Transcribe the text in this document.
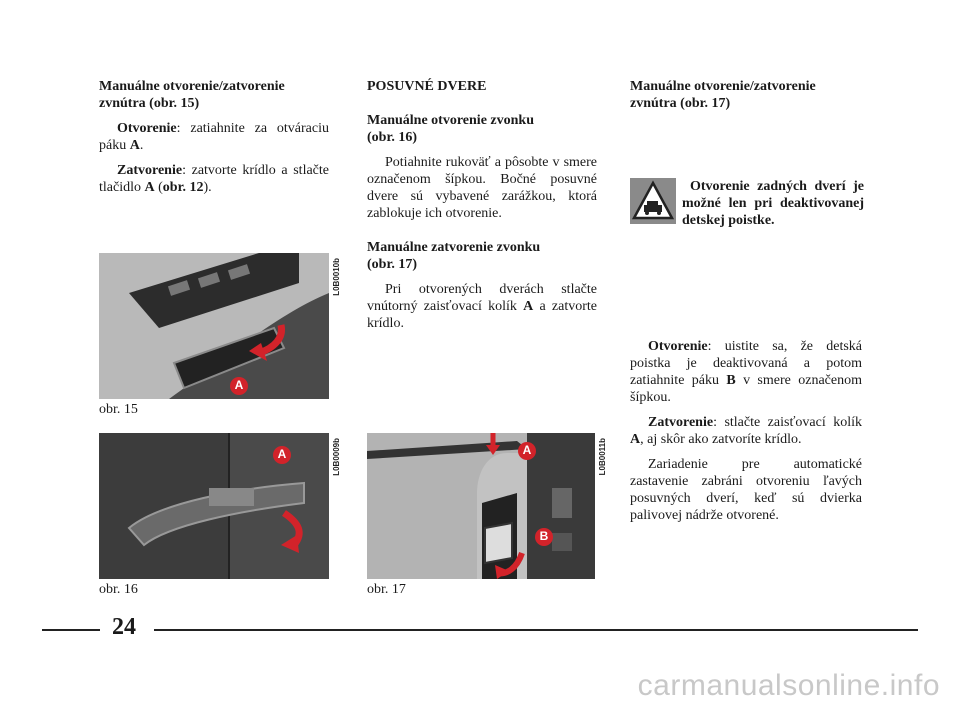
Manuálne otvorenie/zatvorenie
zvnútra (obr. 15)

Otvorenie: zatiahnite za otváraciu páku A.

Zatvorenie: zatvorte krídlo a stlačte tlačidlo A (obr. 12).

POSUVNÉ DVERE

Manuálne otvorenie zvonku
(obr. 16)

Potiahnite rukoväť a pôsobte v smere označenom šípkou. Bočné posuvné dvere sú vybavené zarážkou, ktorá zablokuje ich otvorenie.

Manuálne zatvorenie zvonku
(obr. 17)

Pri otvorených dverách stlačte vnútorný zaisťovací kolík A a zatvorte krídlo.

Manuálne otvorenie/zatvorenie
zvnútra (obr. 17)

Otvorenie zadných dverí je možné len pri deaktivovanej detskej poistke.

Otvorenie: uistite sa, že detská poistka je deaktivovaná a potom zatiahnite páku B v smere označenom šípkou.

Zatvorenie: stlačte zaisťovací kolík A, aj skôr ako zatvoríte krídlo.

Zariadenie pre automatické zastavenie zabráni otvoreniu ľavých posuvných dverí, keď sú dvierka palivovej nádrže otvorené.

A
L0B0010b
obr. 15
A	L0B0009b
obr. 16
A
B
L0B0011b
obr. 17
24
carmanualsonline.info
